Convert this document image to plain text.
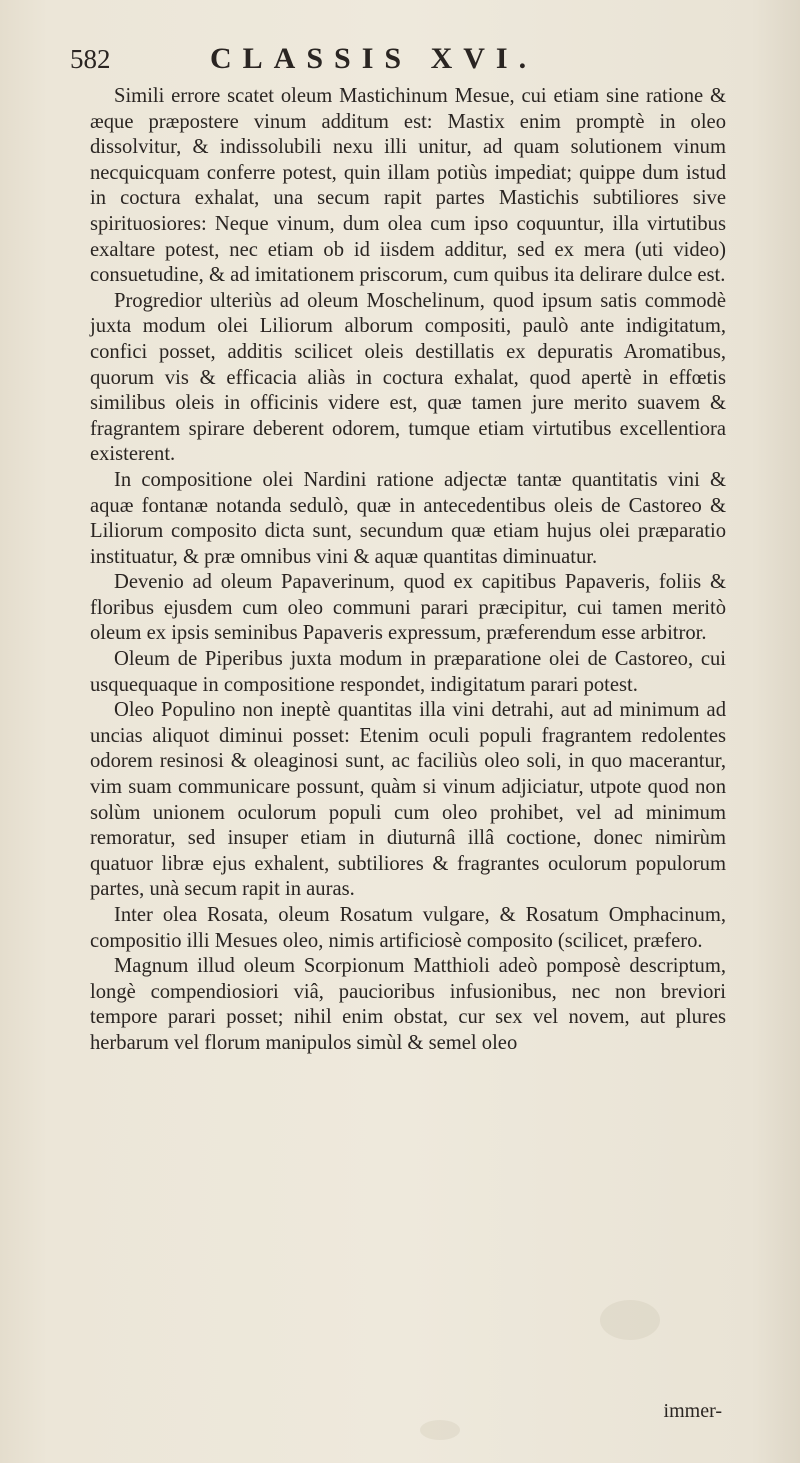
582	CLASSIS XVI.

Simili errore scatet oleum Mastichinum Mesue, cui etiam sine ratione & æque præpostere vinum additum est: Mastix enim promptè in oleo dissolvitur, & indissolubili nexu illi unitur, ad quam solutionem vinum necquicquam conferre potest, quin illam potiùs impediat; quippe dum istud in coctura exhalat, una secum rapit partes Mastichis subtiliores sive spirituosiores: Neque vinum, dum olea cum ipso coquuntur, illa virtutibus exaltare potest, nec etiam ob id iisdem additur, sed ex mera (uti video) consuetudine, & ad imitationem priscorum, cum quibus ita delirare dulce est.

Progredior ulteriùs ad oleum Moschelinum, quod ipsum satis commodè juxta modum olei Liliorum alborum compositi, paulò ante indigitatum, confici posset, additis scilicet oleis destillatis ex depuratis Aromatibus, quorum vis & efficacia aliàs in coctura exhalat, quod apertè in effœtis similibus oleis in officinis videre est, quæ tamen jure merito suavem & fragrantem spirare deberent odorem, tumque etiam virtutibus excellentiora existerent.

In compositione olei Nardini ratione adjectæ tantæ quantitatis vini & aquæ fontanæ notanda sedulò, quæ in antecedentibus oleis de Castoreo & Liliorum composito dicta sunt, secundum quæ etiam hujus olei præparatio instituatur, & præ omnibus vini & aquæ quantitas diminuatur.

Devenio ad oleum Papaverinum, quod ex capitibus Papaveris, foliis & floribus ejusdem cum oleo communi parari præcipitur, cui tamen meritò oleum ex ipsis seminibus Papaveris expressum, præferendum esse arbitror.

Oleum de Piperibus juxta modum in præparatione olei de Castoreo, cui usquequaque in compositione respondet, indigitatum parari potest.

Oleo Populino non ineptè quantitas illa vini detrahi, aut ad minimum ad uncias aliquot diminui posset: Etenim oculi populi fragrantem redolentes odorem resinosi & oleaginosi sunt, ac faciliùs oleo soli, in quo macerantur, vim suam communicare possunt, quàm si vinum adjiciatur, utpote quod non solùm unionem oculorum populi cum oleo prohibet, vel ad minimum remoratur, sed insuper etiam in diuturnâ illâ coctione, donec nimirùm quatuor libræ ejus exhalent, subtiliores & fragrantes oculorum populorum partes, unà secum rapit in auras.

Inter olea Rosata, oleum Rosatum vulgare, & Rosatum Omphacinum, compositio illi Mesues oleo, nimis artificiosè composito (scilicet, præfero.

Magnum illud oleum Scorpionum Matthioli adeò pomposè descriptum, longè compendiosiori viâ, paucioribus infusionibus, nec non breviori tempore parari posset; nihil enim obstat, cur sex vel novem, aut plures herbarum vel florum manipulos simùl & semel oleo

immer-
